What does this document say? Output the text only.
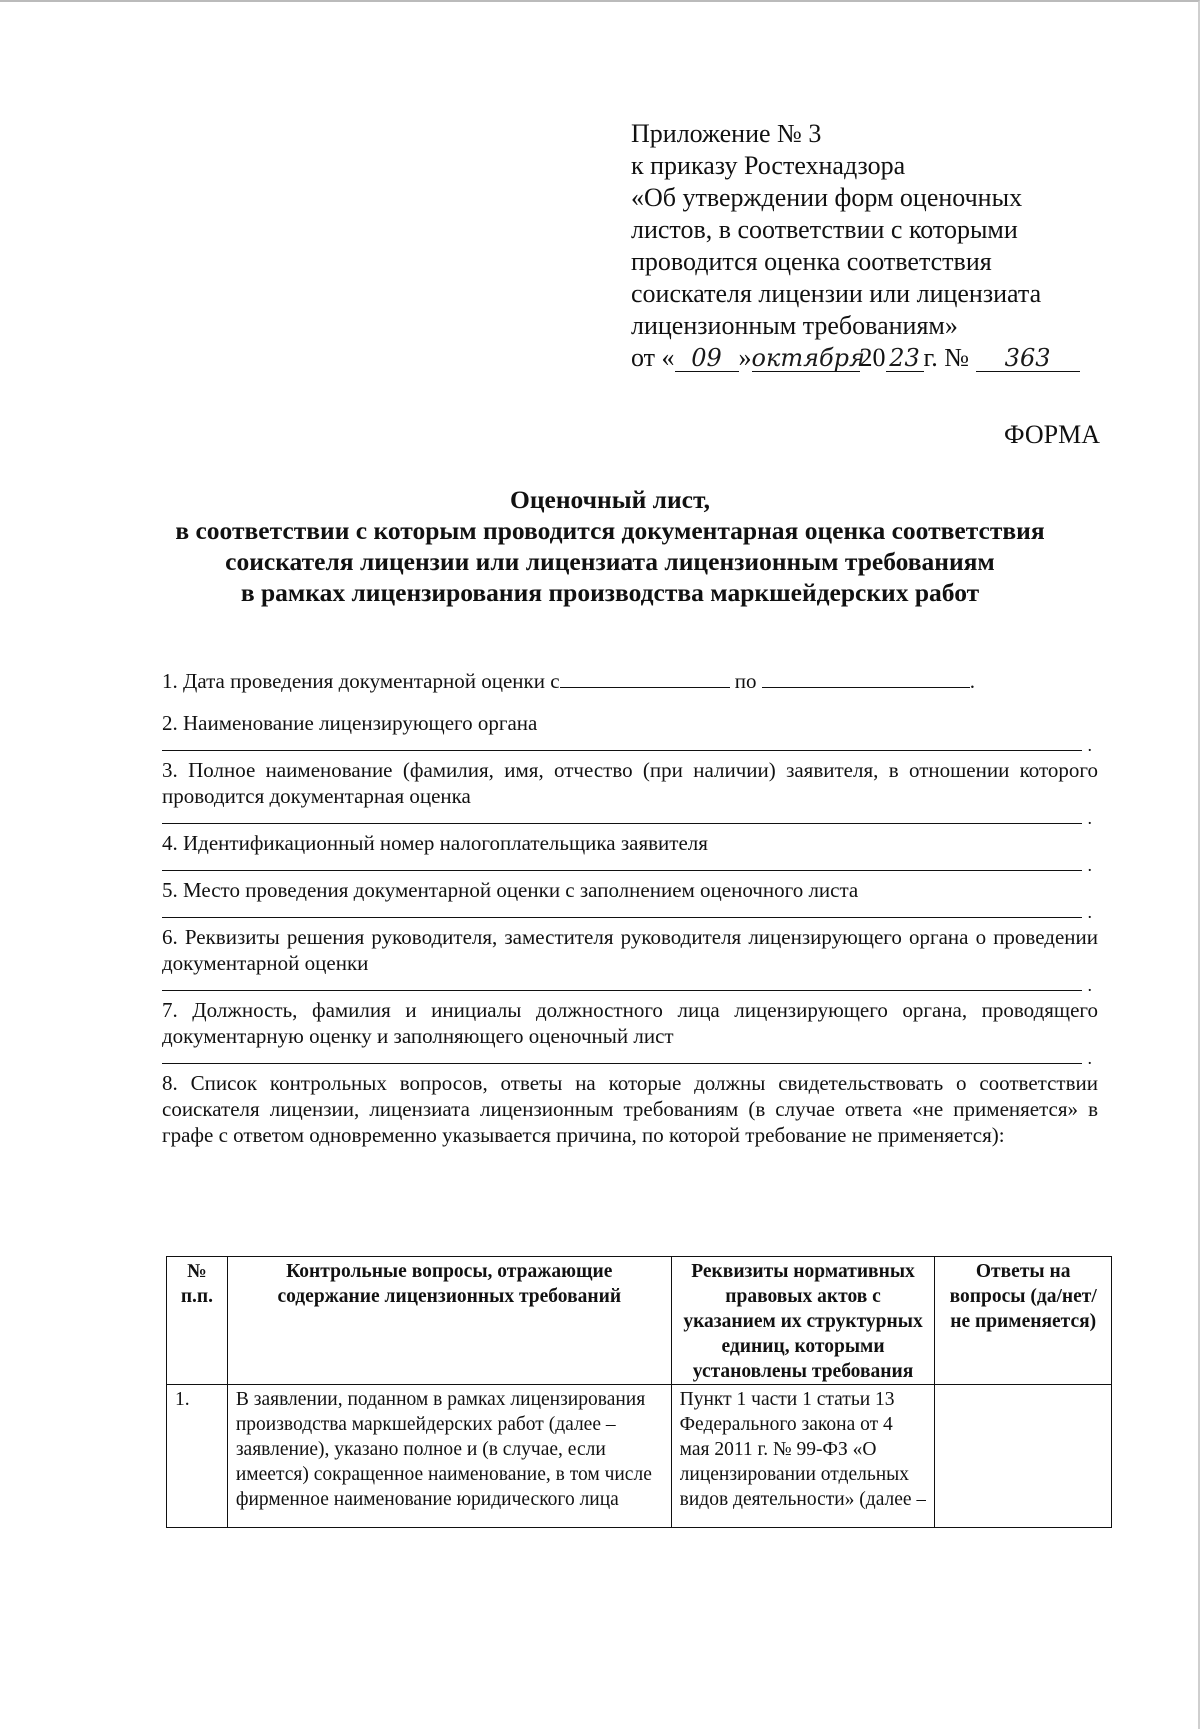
Приложение № 3
к приказу Ростехнадзора
«Об утверждении форм оценочных
листов, в соответствии с которыми
проводится оценка соответствия
соискателя лицензии или лицензиата
лицензионным требованиям»
от « 09 »октября20 23 г. № 363
ФОРМА
Оценочный лист,
в соответствии с которым проводится документарная оценка соответствия
соискателя лицензии или лицензиата лицензионным требованиям
в рамках лицензирования производства маркшейдерских работ

1. Дата проведения документарной оценки с	по	.

2. Наименование лицензирующего органа

.

3. Полное наименование (фамилия, имя, отчество (при наличии) заявителя, в отношении которого проводится документарная оценка

.

4. Идентификационный номер налогоплательщика заявителя

.

5. Место проведения документарной оценки с заполнением оценочного листа

.

6. Реквизиты решения руководителя, заместителя руководителя лицензирующего органа о проведении документарной оценки

.

7. Должность, фамилия и инициалы должностного лица лицензирующего органа, проводящего документарную оценку и заполняющего оценочный лист

.

8. Список контрольных вопросов, ответы на которые должны свидетельствовать о соответствии соискателя лицензии, лицензиата лицензионным требованиям (в случае ответа «не применяется» в графе с ответом одновременно указывается причина, по которой требование не применяется):

№ п.п.	Контрольные вопросы, отражающие содержание лицензионных требований	Реквизиты нормативных правовых актов с указанием их структурных единиц, которыми установлены требования	Ответы на вопросы (да/нет/ не применяется)

1.	В заявлении, поданном в рамках лицензирования производства маркшейдерских работ (далее – заявление), указано полное и (в случае, если имеется) сокращенное наименование, в том числе фирменное наименование юридического лица	Пункт 1 части 1 статьи 13 Федерального закона от 4 мая 2011 г. № 99-ФЗ «О лицензировании отдельных видов деятельности» (далее –	
